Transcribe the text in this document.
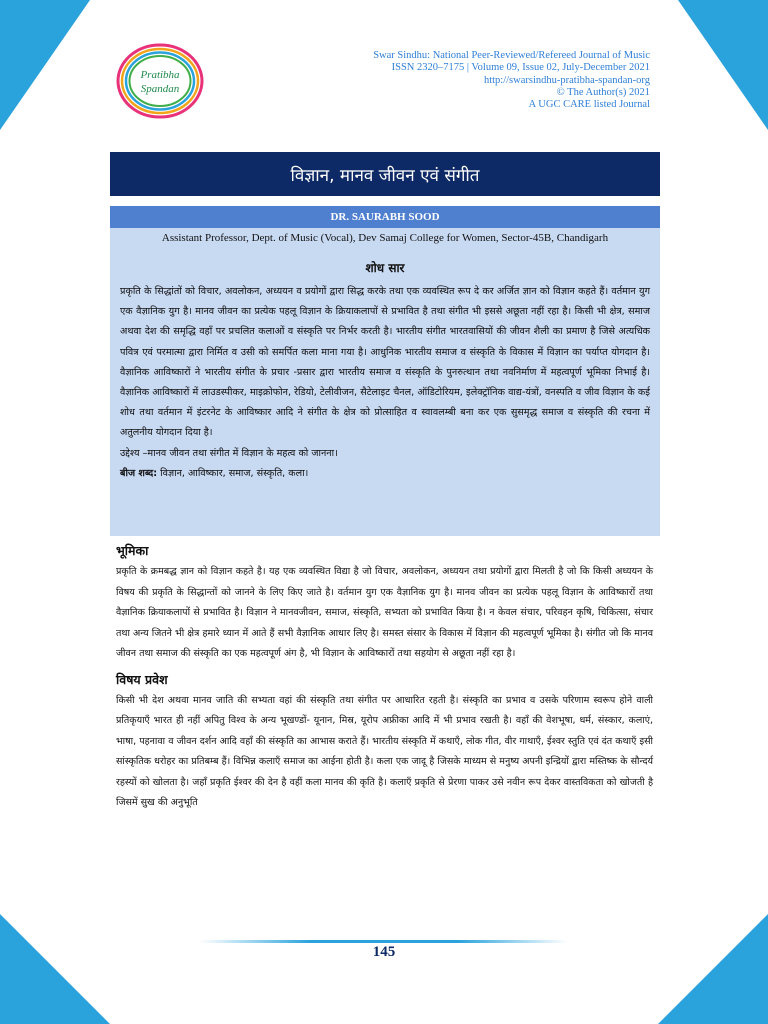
Pratibha
Spandan
Swar Sindhu: National Peer-Reviewed/Refereed Journal of Music
ISSN 2320–7175 | Volume 09, Issue 02, July-December 2021
http://swarsindhu-pratibha-spandan-org
© The Author(s) 2021
A UGC CARE listed Journal
विज्ञान, मानव जीवन एवं संगीत
DR. SAURABH SOOD
Assistant Professor, Dept. of Music (Vocal), Dev Samaj College for Women, Sector-45B, Chandigarh
शोध सार
प्रकृति के सिद्धांतों को विचार, अवलोकन, अध्ययन व प्रयोगों द्वारा सिद्ध करके तथा एक व्यवस्थित रूप दे कर अर्जित ज्ञान को विज्ञान कहते हैं। वर्तमान युग एक वैज्ञानिक युग है। मानव जीवन का प्रत्येक पहलू विज्ञान के क्रियाकलापों से प्रभावित है तथा संगीत भी इससे अछूता नहीं रहा है। किसी भी क्षेत्र, समाज अथवा देश की समृद्धि वहाँ पर प्रचलित कलाओं व संस्कृति पर निर्भर करती है। भारतीय संगीत भारतवासियों की जीवन शैली का प्रमाण है जिसे अत्यधिक पवित्र एवं परमात्मा द्वारा निर्मित व उसी को समर्पित कला माना गया है। आधुनिक भारतीय समाज व संस्कृति के विकास में विज्ञान का पर्याप्त योगदान है। वैज्ञानिक आविष्कारों ने भारतीय संगीत के प्रचार -प्रसार द्वारा भारतीय समाज व संस्कृति के पुनरुत्थान तथा नवनिर्माण में महत्वपूर्ण भूमिका निभाई है। वैज्ञानिक आविष्कारों में लाउडस्पीकर, माइक्रोफोन, रेडियो, टेलीवीजन, सैटेलाइट चैनल, ऑडिटोरियम, इलेक्ट्रॉनिक वाद्य-यंत्रों, वनस्पति व जीव विज्ञान के कई शोध तथा वर्तमान में इंटरनेट के आविष्कार आदि ने संगीत के क्षेत्र को प्रोत्साहित व स्वावलम्बी बना कर एक सुसमृद्ध समाज व संस्कृति की रचना में अतुलनीय योगदान दिया है।
उद्देश्य –मानव जीवन तथा संगीत में विज्ञान के महत्व को जानना।
बीज शब्द: विज्ञान, आविष्कार, समाज, संस्कृति, कला।
भूमिका
प्रकृति के क्रमबद्ध ज्ञान को विज्ञान कहते है। यह एक व्यवस्थित विद्या है जो विचार, अवलोकन, अध्ययन तथा प्रयोगों द्वारा मिलती है जो कि किसी अध्ययन के विषय की प्रकृति के सिद्धान्तों को जानने के लिए किए जाते है। वर्तमान युग एक वैज्ञानिक युग है। मानव जीवन का प्रत्येक पहलू विज्ञान के आविष्कारों तथा वैज्ञानिक क्रियाकलापों से प्रभावित है। विज्ञान ने मानवजीवन, समाज, संस्कृति, सभ्यता को प्रभावित किया है। न केवल संचार, परिवहन कृषि, चिकित्सा, संचार तथा अन्य जितने भी क्षेत्र हमारे ध्यान में आते हैं सभी वैज्ञानिक आधार लिए है। समस्त संसार के विकास में विज्ञान की महत्वपूर्ण भूमिका है। संगीत जो कि मानव जीवन तथा समाज की संस्कृति का एक महत्वपूर्ण अंग है, भी विज्ञान के आविष्कारों तथा सहयोग से अछूता नहीं रहा है।
विषय प्रवेश
किसी भी देश अथवा मानव जाति की सभ्यता वहां की संस्कृति तथा संगीत पर आधारित रहती है। संस्कृति का प्रभाव व उसके परिणाम स्वरूप होने वाली प्रतिकृयाएँ भारत ही नहीं अपितु विश्व के अन्य भूखण्डों- यूनान, मिस्र, यूरोप अफ्रीका आदि में भी प्रभाव रखती है। वहाँ की वेशभूषा, धर्म, संस्कार, कलाएं, भाषा, पहनावा व जीवन दर्शन आदि वहाँ की संस्कृति का आभास कराते हैं। भारतीय संस्कृति में कथाएँ, लोक गीत, वीर गाथाएँ, ईश्वर स्तुति एवं दंत कथाएँ इसी सांस्कृतिक धरोहर का प्रतिबम्ब हैं। विभिन्न कलाएँ समाज का आईना होती है। कला एक जादू है जिसके माध्यम से मनुष्य अपनी इन्द्रियों द्वारा मस्तिष्क के सौन्दर्य रहस्यों को खोलता है। जहाँ प्रकृति ईश्वर की देन है वहीं कला मानव की कृति है। कलाएँ प्रकृति से प्रेरणा पाकर उसे नवीन रूप देकर वास्तविकता को खोजती है जिसमें सुख की अनुभूति
145
